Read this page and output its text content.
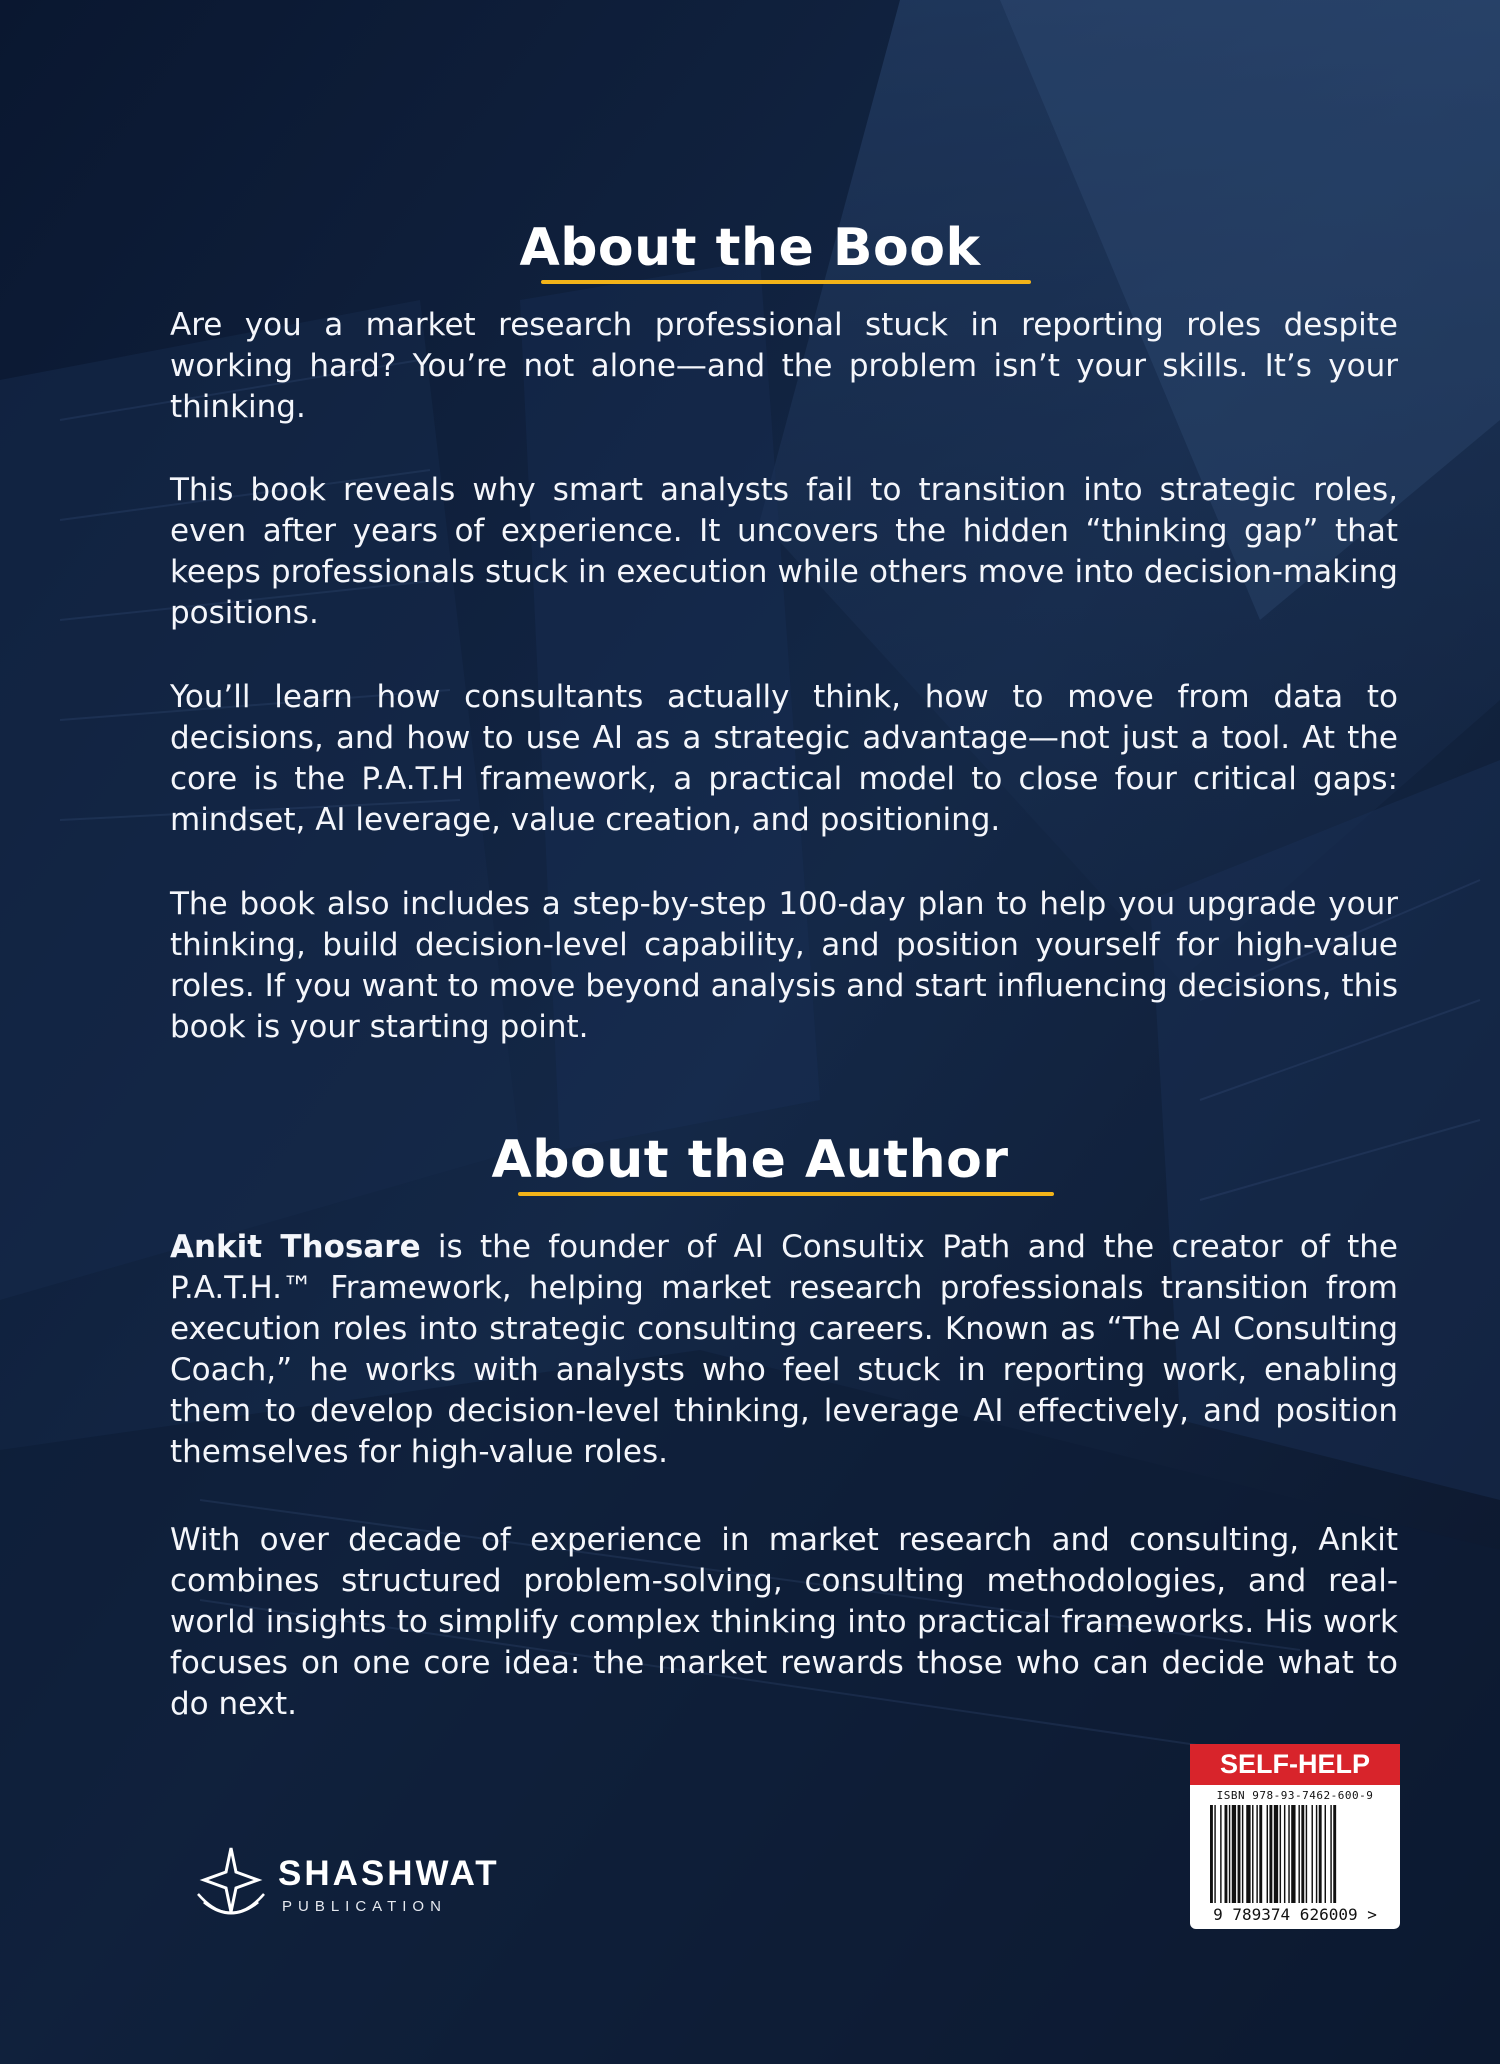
About the Book
Are you a market research professional stuck in reporting roles despite working hard? You’re not alone—and the problem isn’t your skills. It’s your thinking.
This book reveals why smart analysts fail to transition into strategic roles, even after years of experience. It uncovers the hidden “thinking gap” that keeps professionals stuck in execution while others move into decision-making positions.
You’ll learn how consultants actually think, how to move from data to decisions, and how to use AI as a strategic advantage—not just a tool. At the core is the P.A.T.H framework, a practical model to close four critical gaps: mindset, AI leverage, value creation, and positioning.
The book also includes a step-by-step 100-day plan to help you upgrade your thinking, build decision-level capability, and position yourself for high-value roles. If you want to move beyond analysis and start influencing decisions, this book is your starting point.
About the Author
Ankit Thosare is the founder of AI Consultix Path and the creator of the P.A.T.H.™ Framework, helping market research professionals transition from execution roles into strategic consulting careers. Known as “The AI Consulting Coach,” he works with analysts who feel stuck in reporting work, enabling them to develop decision-level thinking, leverage AI effectively, and position themselves for high-value roles.
With over decade of experience in market research and consulting, Ankit combines structured problem-solving, consulting methodologies, and real-world insights to simplify complex thinking into practical frameworks. His work focuses on one core idea: the market rewards those who can decide what to do next.
SELF-HELP
ISBN 978-93-7462-600-9
9 789374 626009 >
SHASHWAT
PUBLICATION
